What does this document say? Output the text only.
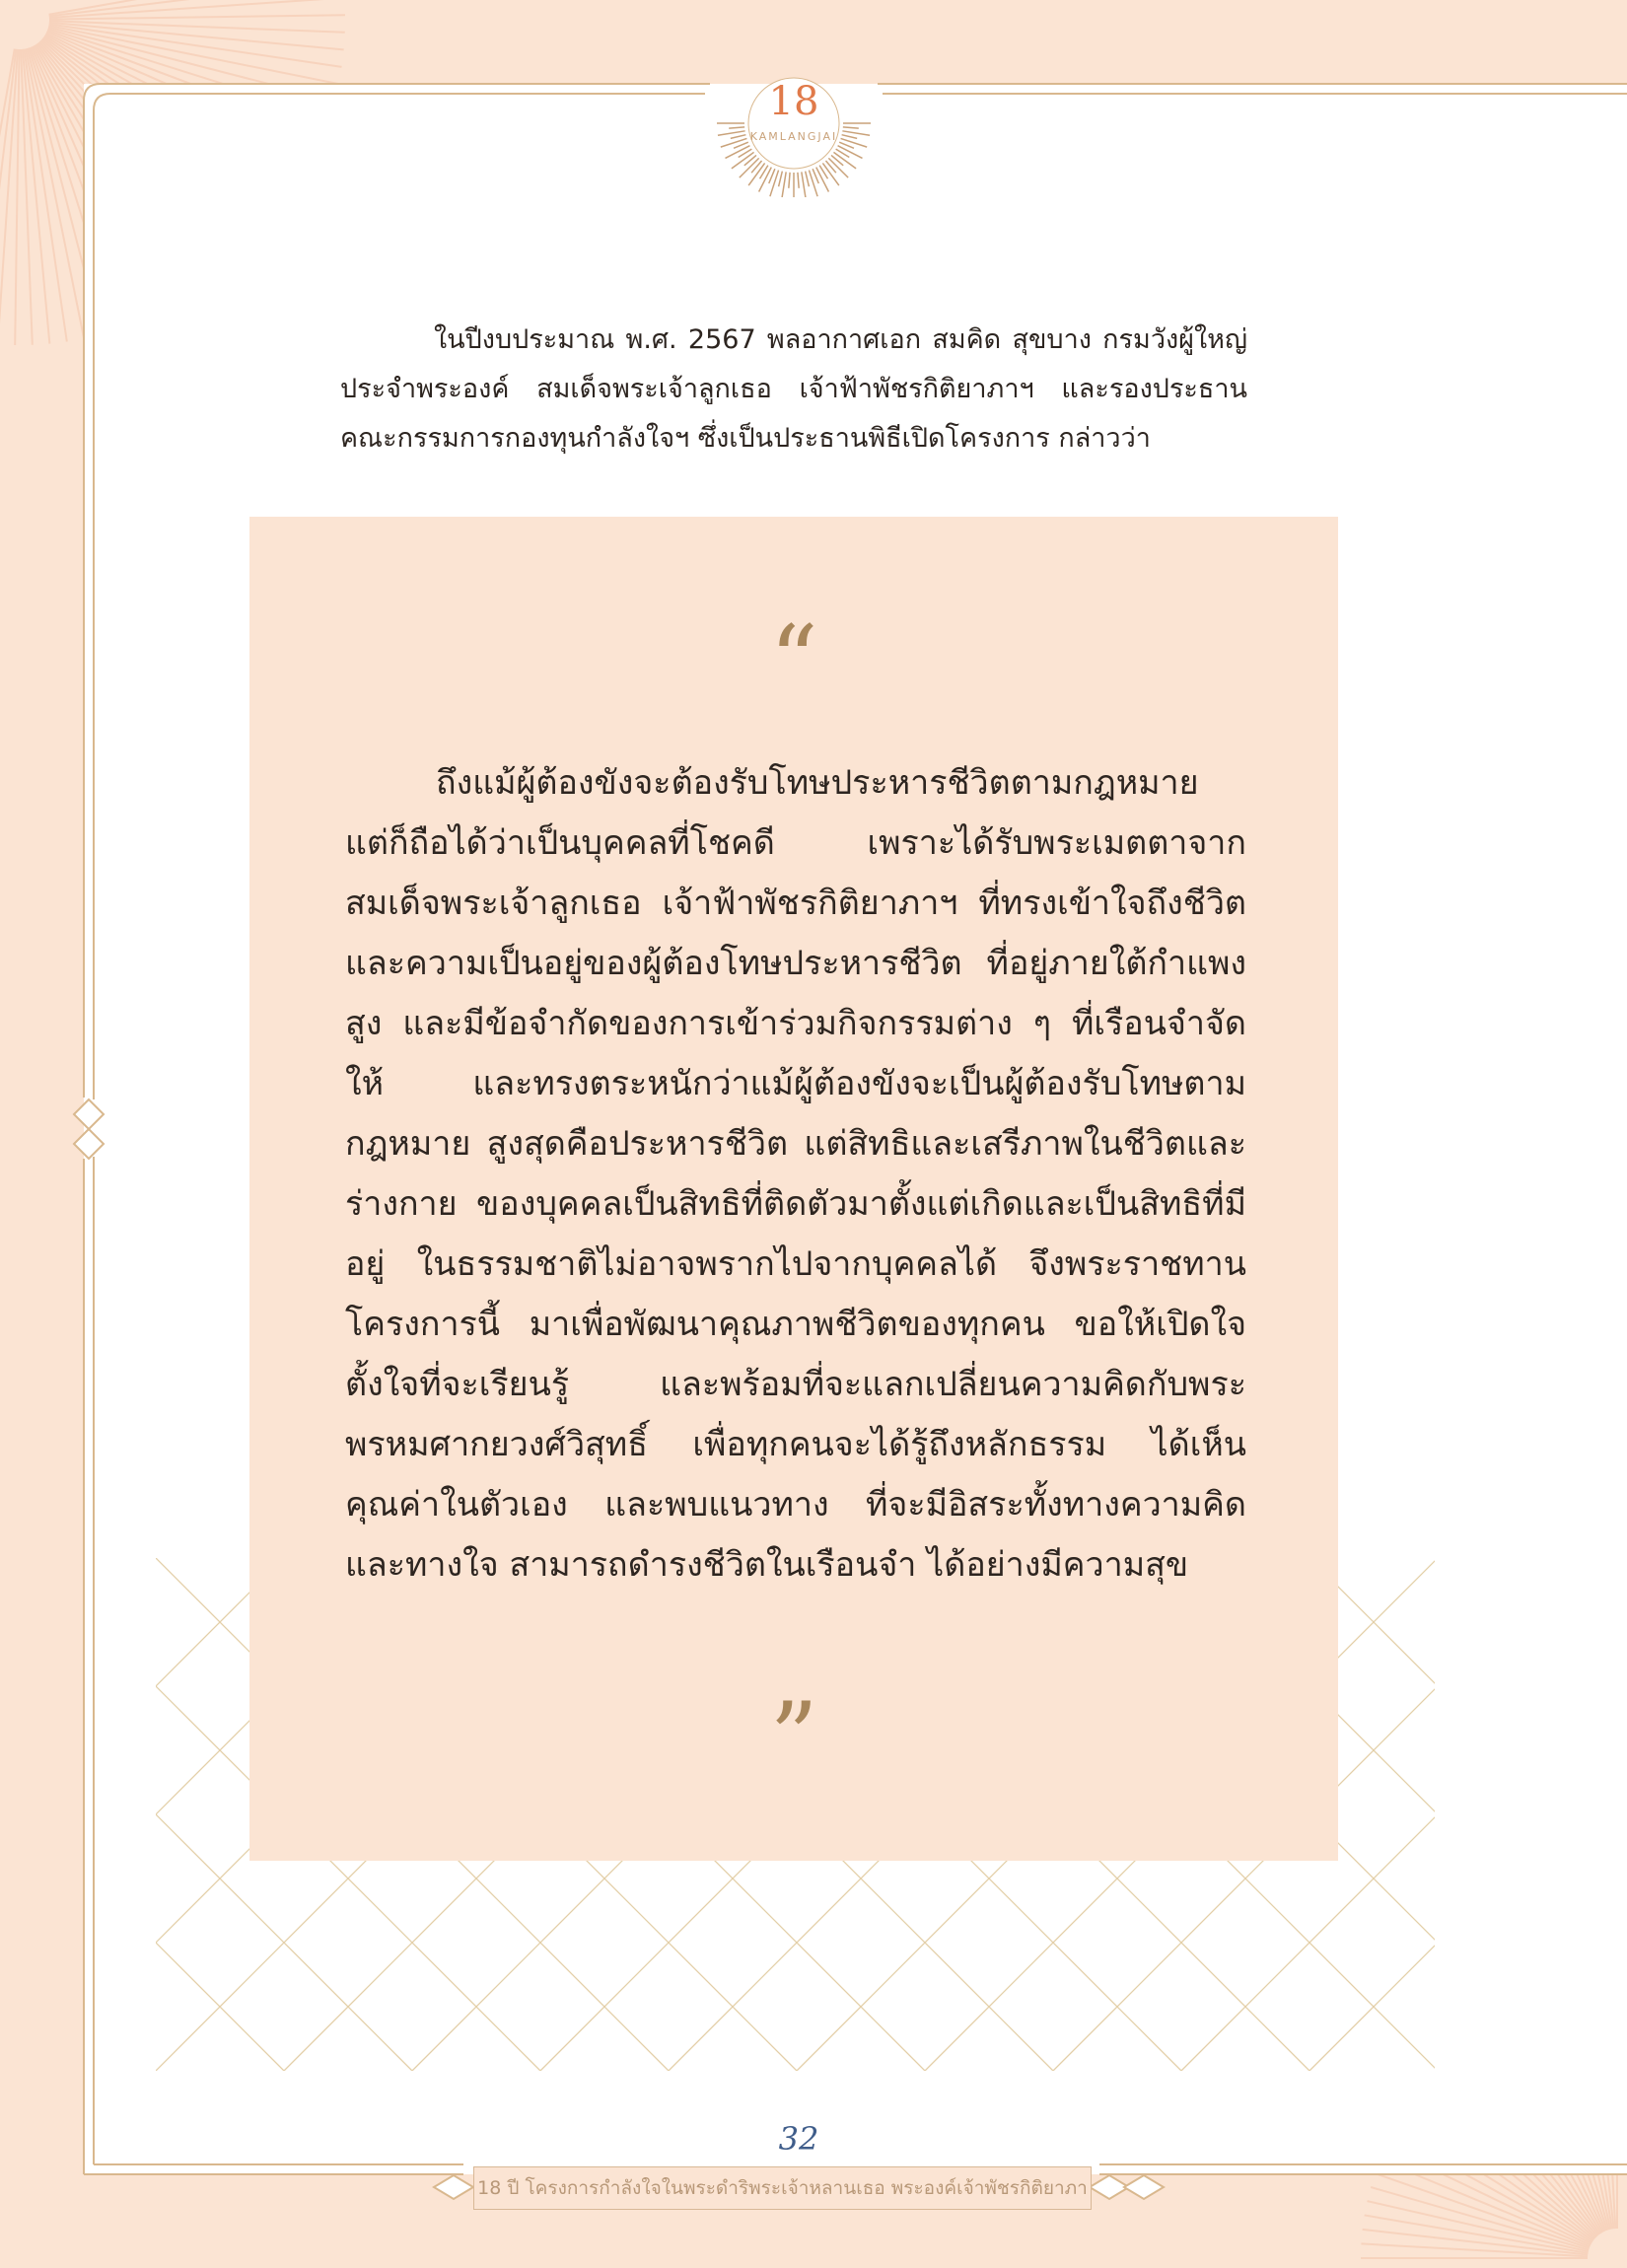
18
KAMLANGJAI

ในปีงบประมาณ พ.ศ. 2567 พลอากาศเอก สมคิด สุขบาง กรมวังผู้ใหญ่ประจำพระองค์ สมเด็จพระเจ้าลูกเธอ เจ้าฟ้าพัชรกิติยาภาฯ และรองประธานคณะกรรมการกองทุนกำลังใจฯ ซึ่งเป็นประธานพิธีเปิดโครงการ กล่าวว่า

“

ถึงแม้ผู้ต้องขังจะต้องรับโทษประหารชีวิตตามกฎหมาย แต่ก็ถือได้ว่าเป็นบุคคลที่โชคดี เพราะได้รับพระเมตตาจาก สมเด็จพระเจ้าลูกเธอ เจ้าฟ้าพัชรกิติยาภาฯ ที่ทรงเข้าใจถึงชีวิต และความเป็นอยู่ของผู้ต้องโทษประหารชีวิต ที่อยู่ภายใต้กำแพงสูง และมีข้อจำกัดของการเข้าร่วมกิจกรรมต่าง ๆ ที่เรือนจำจัดให้ และทรงตระหนักว่าแม้ผู้ต้องขังจะเป็นผู้ต้องรับโทษตามกฎหมาย สูงสุดคือประหารชีวิต แต่สิทธิและเสรีภาพในชีวิตและร่างกาย ของบุคคลเป็นสิทธิที่ติดตัวมาตั้งแต่เกิดและเป็นสิทธิที่มีอยู่ ในธรรมชาติไม่อาจพรากไปจากบุคคลได้ จึงพระราชทานโครงการนี้ มาเพื่อพัฒนาคุณภาพชีวิตของทุกคน ขอให้เปิดใจตั้งใจที่จะเรียนรู้ และพร้อมที่จะแลกเปลี่ยนความคิดกับพระพรหมศากยวงศ์วิสุทธิ์ เพื่อทุกคนจะได้รู้ถึงหลักธรรม ได้เห็นคุณค่าในตัวเอง และพบแนวทาง ที่จะมีอิสระทั้งทางความคิดและทางใจ สามารถดำรงชีวิตในเรือนจำ ได้อย่างมีความสุข

”
32
18 ปี โครงการกำลังใจในพระดำริพระเจ้าหลานเธอ พระองค์เจ้าพัชรกิติยาภา
